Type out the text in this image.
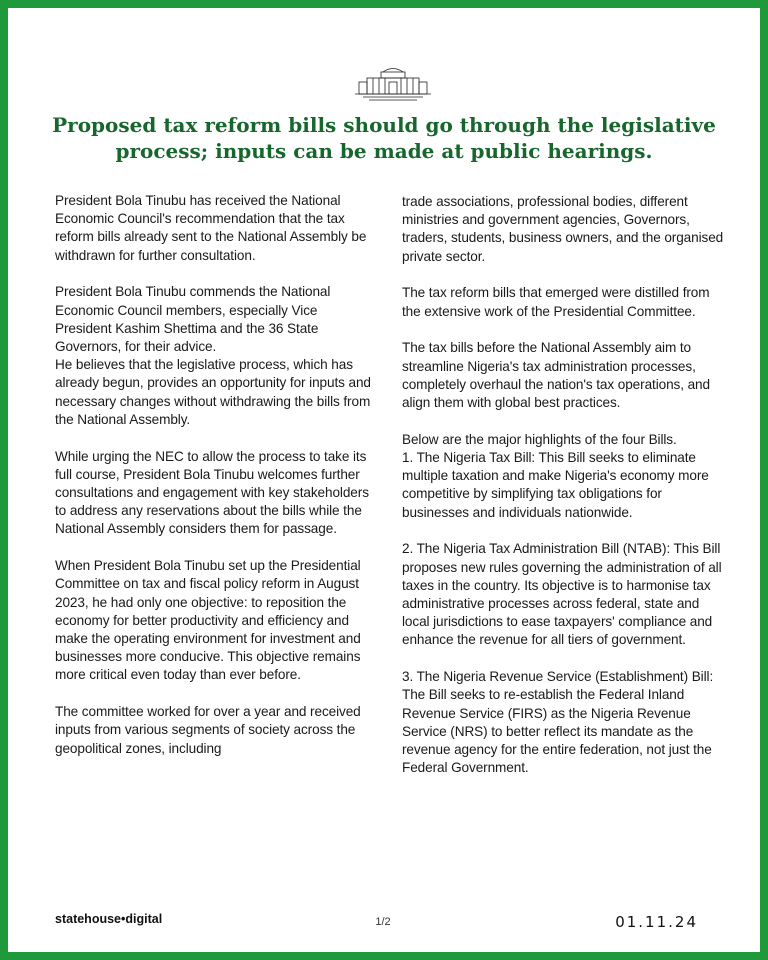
Proposed tax reform bills should go through the legislative process; inputs can be made at public hearings.

President Bola Tinubu has received the National Economic Council's recommendation that the tax reform bills already sent to the National Assembly be withdrawn for further consultation.

President Bola Tinubu commends the National Economic Council members, especially Vice President Kashim Shettima and the 36 State Governors, for their advice.
He believes that the legislative process, which has already begun, provides an opportunity for inputs and necessary changes without withdrawing the bills from the National Assembly.

While urging the NEC to allow the process to take its full course, President Bola Tinubu welcomes further consultations and engagement with key stakeholders to address any reservations about the bills while the National Assembly considers them for passage.

When President Bola Tinubu set up the Presidential Committee on tax and fiscal policy reform in August 2023, he had only one objective: to reposition the economy for better productivity and efficiency and make the operating environment for investment and businesses more conducive. This objective remains more critical even today than ever before.

The committee worked for over a year and received inputs from various segments of society across the geopolitical zones, including

trade associations, professional bodies, different ministries and government agencies, Governors, traders, students, business owners, and the organised private sector.

The tax reform bills that emerged were distilled from the extensive work of the Presidential Committee.

The tax bills before the National Assembly aim to streamline Nigeria's tax administration processes, completely overhaul the nation's tax operations, and align them with global best practices.

Below are the major highlights of the four Bills.
1. The Nigeria Tax Bill: This Bill seeks to eliminate multiple taxation and make Nigeria's economy more competitive by simplifying tax obligations for businesses and individuals nationwide.

2. The Nigeria Tax Administration Bill (NTAB): This Bill proposes new rules governing the administration of all taxes in the country. Its objective is to harmonise tax administrative processes across federal, state and local jurisdictions to ease taxpayers' compliance and enhance the revenue for all tiers of government.

3. The Nigeria Revenue Service (Establishment) Bill: The Bill seeks to re-establish the Federal Inland Revenue Service (FIRS) as the Nigeria Revenue Service (NRS) to better reflect its mandate as the revenue agency for the entire federation, not just the Federal Government.

statehouse•digital	1/2	01.11.24
